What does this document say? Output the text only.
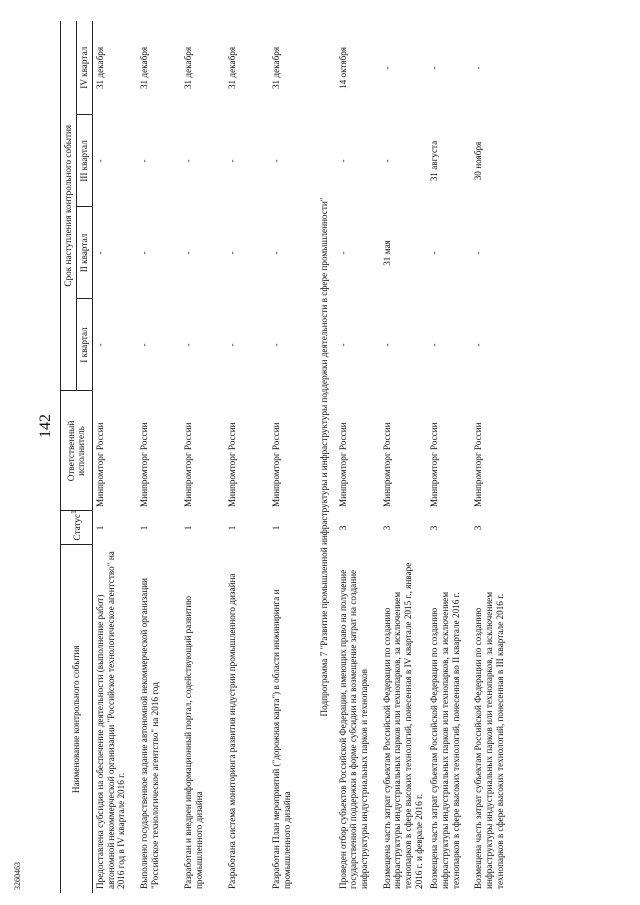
142
3260463
Наименование контрольного события	Статус$^1$	Ответственный исполнитель	Срок наступления контрольного события			
			I квартал	II квартал	III квартал	IV квартал
Предоставлена субсидия на обеспечение деятельности (выполнение работ) автономной некоммерческой организации "Российское технологическое агентство" на 2016 год в IV квартале 2016 г.	1	Минпромторг России	-	-	-	31 декабря
Выполнено государственное задание автономной некоммерческой организации "Российское технологическое агентство" на 2016 год	1	Минпромторг России	-	-	-	31 декабря
Разработан и внедрен информационный портал, содействующий развитию промышленного дизайна	1	Минпромторг России	-	-	-	31 декабря
Разработана система мониторинга развития индустрии промышленного дизайна	1	Минпромторг России	-	-	-	31 декабря
Разработан План мероприятий ("дорожная карта") в области инжиниринга и промышленного дизайна	1	Минпромторг России	-	-	-	31 декабря
Подпрограмма 7 "Развитие промышленной инфраструктуры и инфраструктуры поддержки деятельности в сфере промышленности"						
Проведен отбор субъектов Российской Федерации, имеющих право на получение государственной поддержки в форме субсидии на возмещение затрат на создание инфраструктуры индустриальных парков и технопарков	3	Минпромторг России	-	-	-	14 октября
Возмещена часть затрат субъектам Российской Федерации по созданию инфраструктуры индустриальных парков или технопарков, за исключением технопарков в сфере высоких технологий, понесенная в IV квартале 2015 г., январе 2016 г. и феврале 2016 г.	3	Минпромторг России	-	31 мая	-	-
Возмещена часть затрат субъектам Российской Федерации по созданию инфраструктуры индустриальных парков или технопарков, за исключением технопарков в сфере высоких технологий, понесенная во II квартале 2016 г.	3	Минпромторг России	-	-	31 августа	-
Возмещена часть затрат субъектам Российской Федерации по созданию инфраструктуры индустриальных парков или технопарков, за исключением технопарков в сфере высоких технологий, понесенная в III квартале 2016 г.	3	Минпромторг России	-	-	30 ноября	-
